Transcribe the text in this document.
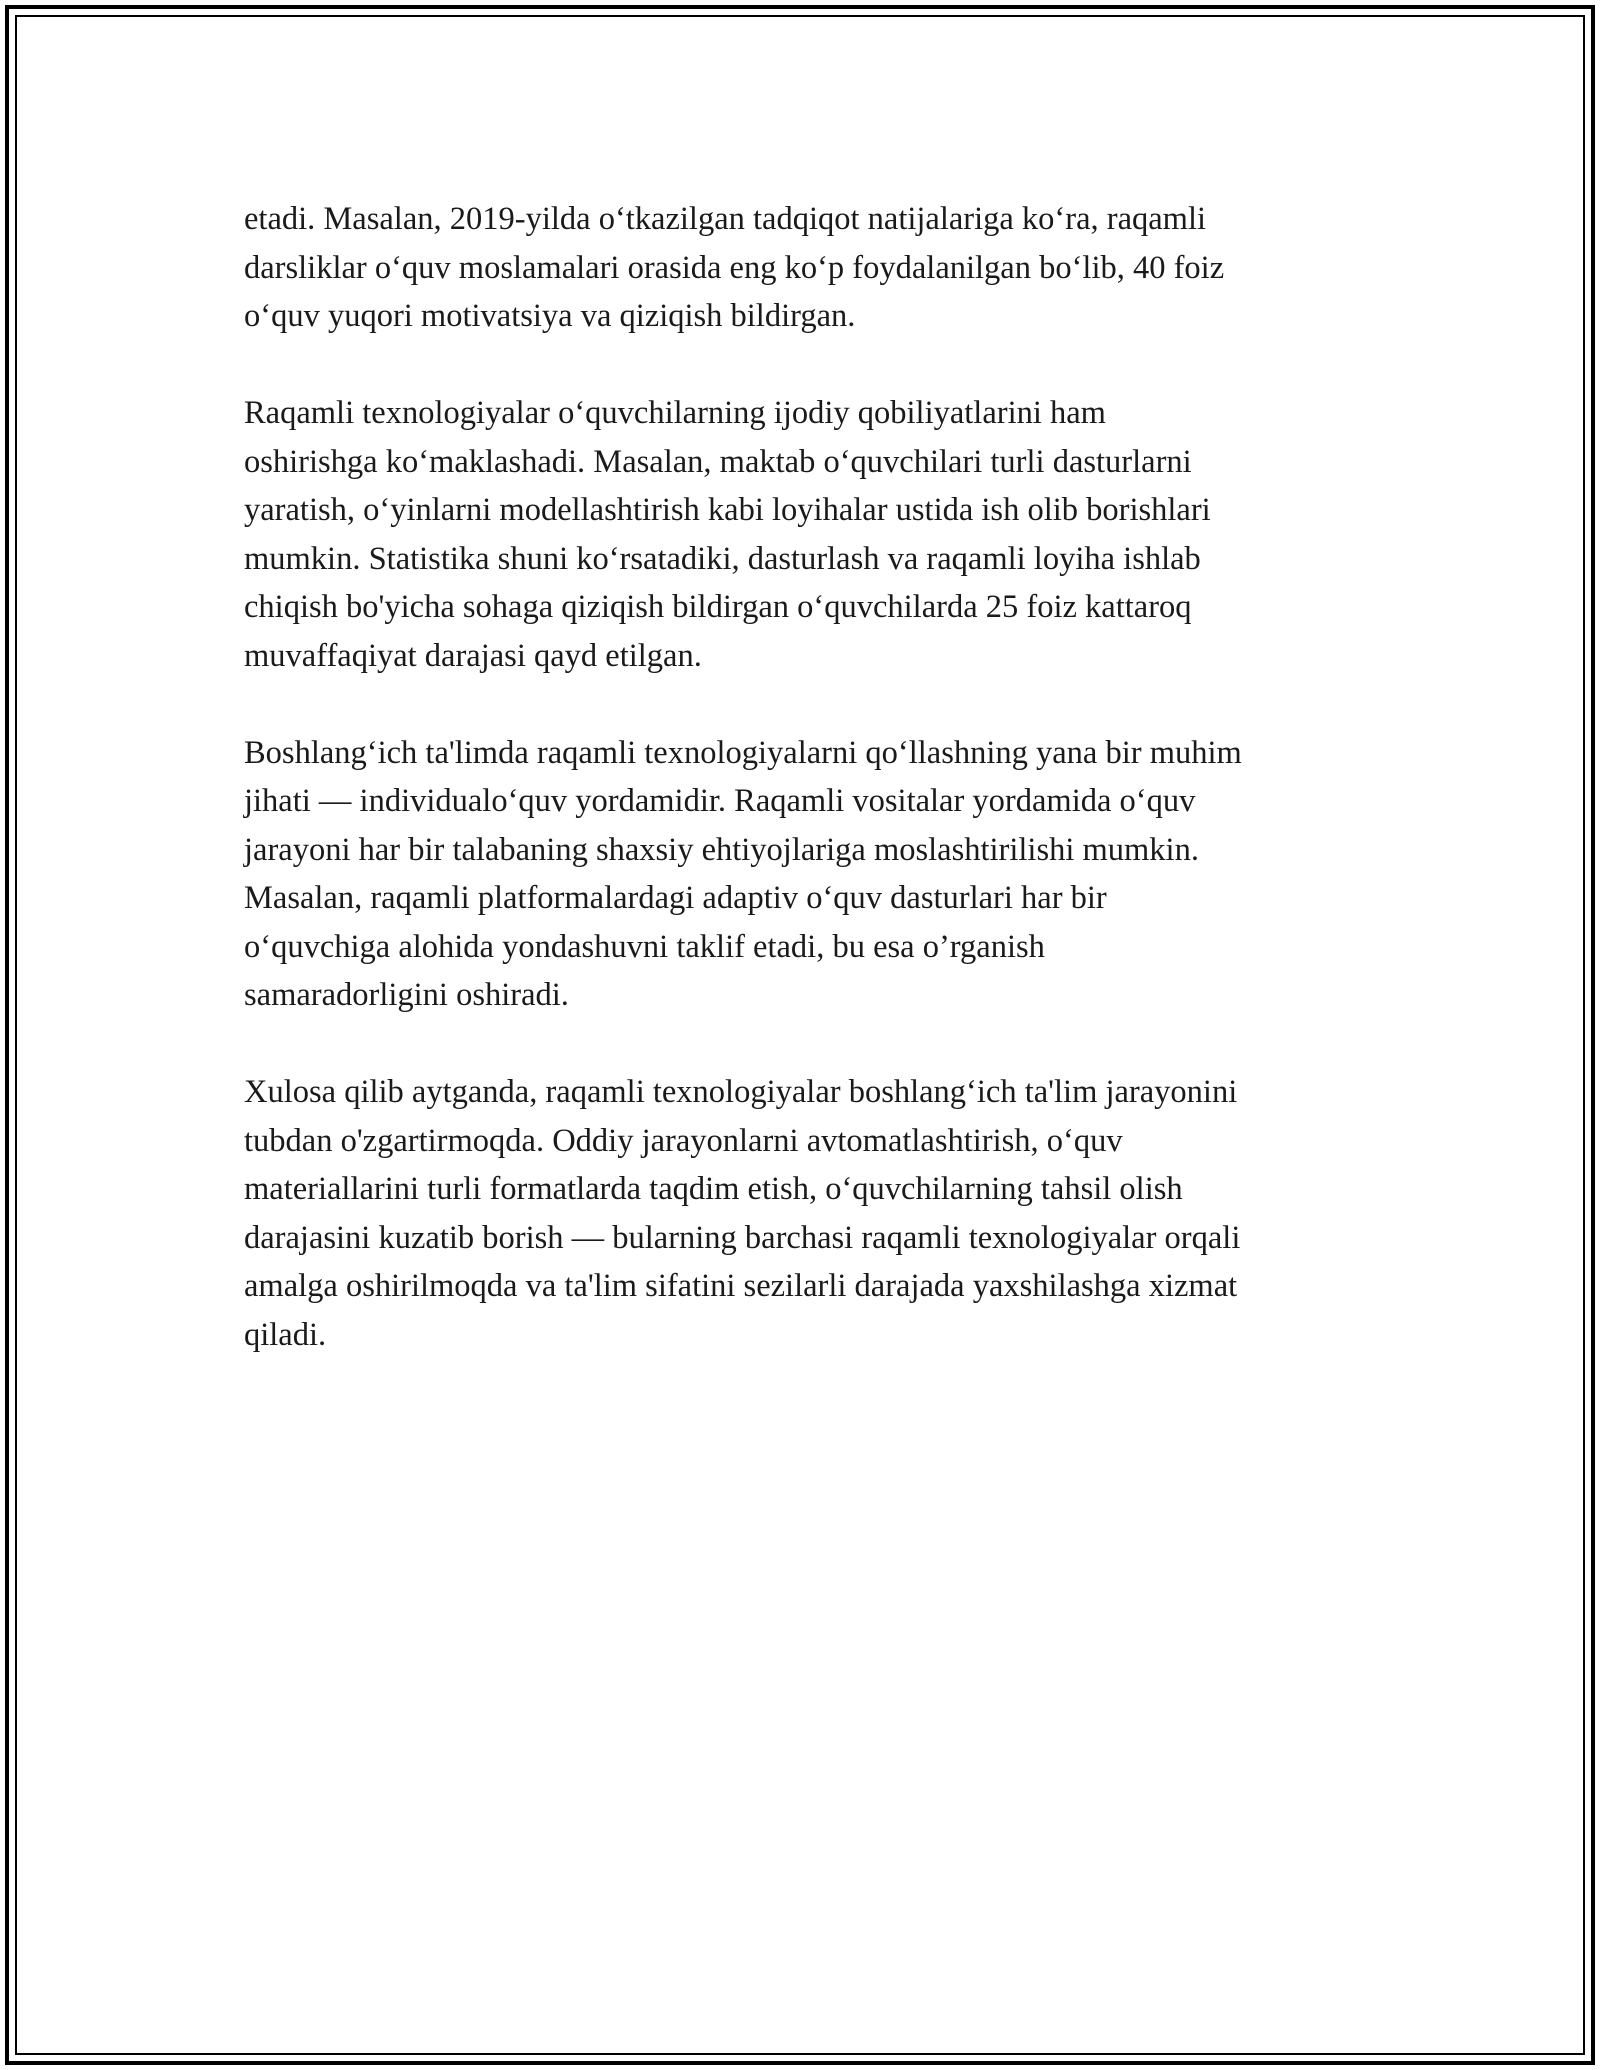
etadi. Masalan, 2019-yilda o‘tkazilgan tadqiqot natijalariga ko‘ra, raqamli
darsliklar o‘quv moslamalari orasida eng ko‘p foydalanilgan bo‘lib, 40 foiz
o‘quv yuqori motivatsiya va qiziqish bildirgan.

Raqamli texnologiyalar o‘quvchilarning ijodiy qobiliyatlarini ham
oshirishga ko‘maklashadi. Masalan, maktab o‘quvchilari turli dasturlarni
yaratish, o‘yinlarni modellashtirish kabi loyihalar ustida ish olib borishlari
mumkin. Statistika shuni ko‘rsatadiki, dasturlash va raqamli loyiha ishlab
chiqish bo'yicha sohaga qiziqish bildirgan o‘quvchilarda 25 foiz kattaroq
muvaffaqiyat darajasi qayd etilgan.

Boshlang‘ich ta'limda raqamli texnologiyalarni qo‘llashning yana bir muhim
jihati — individualo‘quv yordamidir. Raqamli vositalar yordamida o‘quv
jarayoni har bir talabaning shaxsiy ehtiyojlariga moslashtirilishi mumkin.
Masalan, raqamli platformalardagi adaptiv o‘quv dasturlari har bir
o‘quvchiga alohida yondashuvni taklif etadi, bu esa o’rganish
samaradorligini oshiradi.

Xulosa qilib aytganda, raqamli texnologiyalar boshlang‘ich ta'lim jarayonini
tubdan o'zgartirmoqda. Oddiy jarayonlarni avtomatlashtirish, o‘quv
materiallarini turli formatlarda taqdim etish, o‘quvchilarning tahsil olish
darajasini kuzatib borish — bularning barchasi raqamli texnologiyalar orqali
amalga oshirilmoqda va ta'lim sifatini sezilarli darajada yaxshilashga xizmat
qiladi.
